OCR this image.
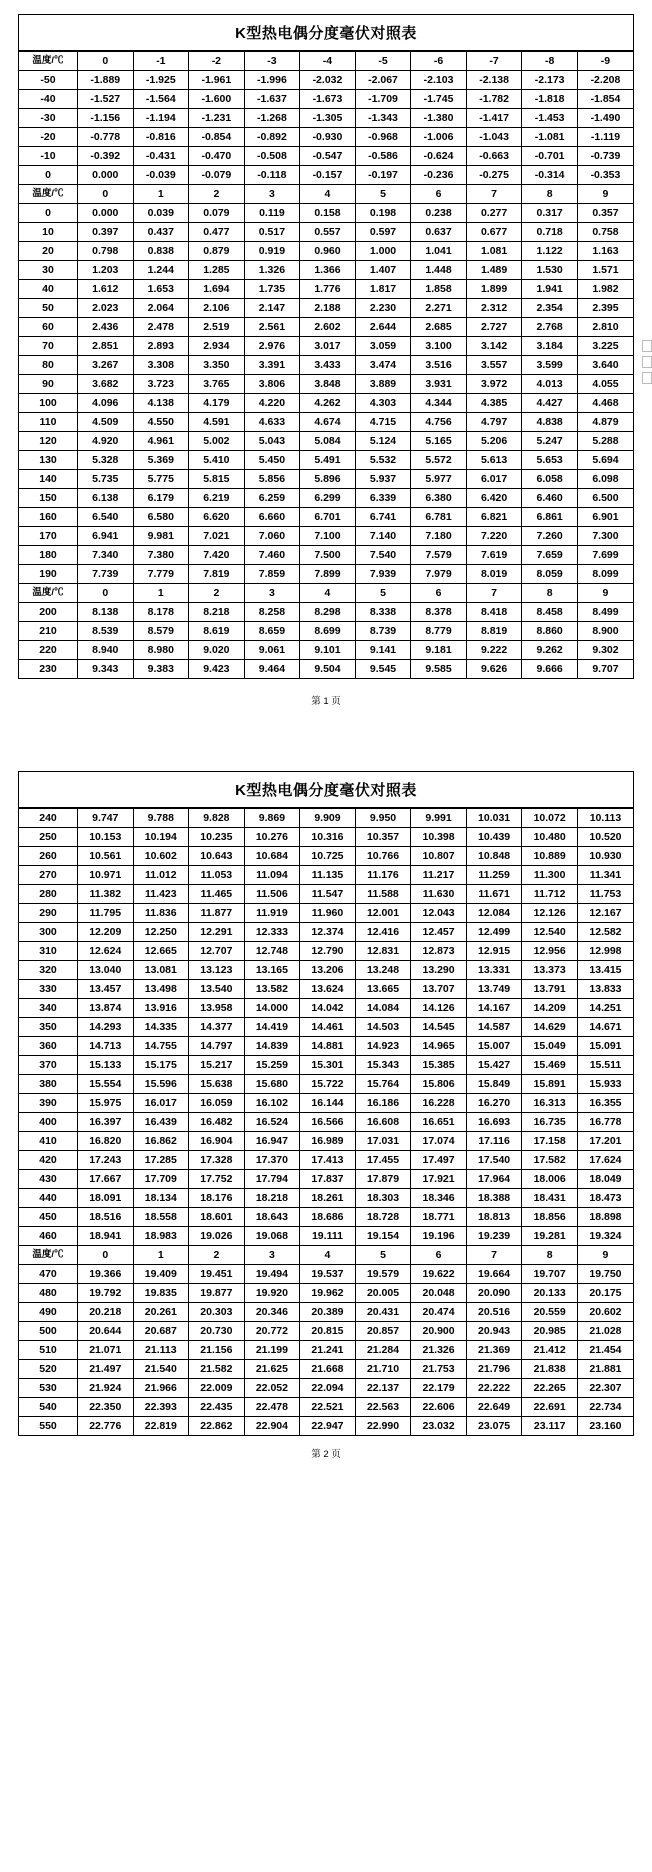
K型热电偶分度毫伏对照表
温度/℃	0	-1	-2	-3	-4	-5	-6	-7	-8	-9
-50	-1.889	-1.925	-1.961	-1.996	-2.032	-2.067	-2.103	-2.138	-2.173	-2.208
-40	-1.527	-1.564	-1.600	-1.637	-1.673	-1.709	-1.745	-1.782	-1.818	-1.854
-30	-1.156	-1.194	-1.231	-1.268	-1.305	-1.343	-1.380	-1.417	-1.453	-1.490
-20	-0.778	-0.816	-0.854	-0.892	-0.930	-0.968	-1.006	-1.043	-1.081	-1.119
-10	-0.392	-0.431	-0.470	-0.508	-0.547	-0.586	-0.624	-0.663	-0.701	-0.739
0	0.000	-0.039	-0.079	-0.118	-0.157	-0.197	-0.236	-0.275	-0.314	-0.353
温度/℃	0	1	2	3	4	5	6	7	8	9
0	0.000	0.039	0.079	0.119	0.158	0.198	0.238	0.277	0.317	0.357
10	0.397	0.437	0.477	0.517	0.557	0.597	0.637	0.677	0.718	0.758
20	0.798	0.838	0.879	0.919	0.960	1.000	1.041	1.081	1.122	1.163
30	1.203	1.244	1.285	1.326	1.366	1.407	1.448	1.489	1.530	1.571
40	1.612	1.653	1.694	1.735	1.776	1.817	1.858	1.899	1.941	1.982
50	2.023	2.064	2.106	2.147	2.188	2.230	2.271	2.312	2.354	2.395
60	2.436	2.478	2.519	2.561	2.602	2.644	2.685	2.727	2.768	2.810
70	2.851	2.893	2.934	2.976	3.017	3.059	3.100	3.142	3.184	3.225
80	3.267	3.308	3.350	3.391	3.433	3.474	3.516	3.557	3.599	3.640
90	3.682	3.723	3.765	3.806	3.848	3.889	3.931	3.972	4.013	4.055
100	4.096	4.138	4.179	4.220	4.262	4.303	4.344	4.385	4.427	4.468
110	4.509	4.550	4.591	4.633	4.674	4.715	4.756	4.797	4.838	4.879
120	4.920	4.961	5.002	5.043	5.084	5.124	5.165	5.206	5.247	5.288
130	5.328	5.369	5.410	5.450	5.491	5.532	5.572	5.613	5.653	5.694
140	5.735	5.775	5.815	5.856	5.896	5.937	5.977	6.017	6.058	6.098
150	6.138	6.179	6.219	6.259	6.299	6.339	6.380	6.420	6.460	6.500
160	6.540	6.580	6.620	6.660	6.701	6.741	6.781	6.821	6.861	6.901
170	6.941	9.981	7.021	7.060	7.100	7.140	7.180	7.220	7.260	7.300
180	7.340	7.380	7.420	7.460	7.500	7.540	7.579	7.619	7.659	7.699
190	7.739	7.779	7.819	7.859	7.899	7.939	7.979	8.019	8.059	8.099
温度/℃	0	1	2	3	4	5	6	7	8	9
200	8.138	8.178	8.218	8.258	8.298	8.338	8.378	8.418	8.458	8.499
210	8.539	8.579	8.619	8.659	8.699	8.739	8.779	8.819	8.860	8.900
220	8.940	8.980	9.020	9.061	9.101	9.141	9.181	9.222	9.262	9.302
230	9.343	9.383	9.423	9.464	9.504	9.545	9.585	9.626	9.666	9.707
第 1 页
K型热电偶分度毫伏对照表
240	9.747	9.788	9.828	9.869	9.909	9.950	9.991	10.031	10.072	10.113
250	10.153	10.194	10.235	10.276	10.316	10.357	10.398	10.439	10.480	10.520
260	10.561	10.602	10.643	10.684	10.725	10.766	10.807	10.848	10.889	10.930
270	10.971	11.012	11.053	11.094	11.135	11.176	11.217	11.259	11.300	11.341
280	11.382	11.423	11.465	11.506	11.547	11.588	11.630	11.671	11.712	11.753
290	11.795	11.836	11.877	11.919	11.960	12.001	12.043	12.084	12.126	12.167
300	12.209	12.250	12.291	12.333	12.374	12.416	12.457	12.499	12.540	12.582
310	12.624	12.665	12.707	12.748	12.790	12.831	12.873	12.915	12.956	12.998
320	13.040	13.081	13.123	13.165	13.206	13.248	13.290	13.331	13.373	13.415
330	13.457	13.498	13.540	13.582	13.624	13.665	13.707	13.749	13.791	13.833
340	13.874	13.916	13.958	14.000	14.042	14.084	14.126	14.167	14.209	14.251
350	14.293	14.335	14.377	14.419	14.461	14.503	14.545	14.587	14.629	14.671
360	14.713	14.755	14.797	14.839	14.881	14.923	14.965	15.007	15.049	15.091
370	15.133	15.175	15.217	15.259	15.301	15.343	15.385	15.427	15.469	15.511
380	15.554	15.596	15.638	15.680	15.722	15.764	15.806	15.849	15.891	15.933
390	15.975	16.017	16.059	16.102	16.144	16.186	16.228	16.270	16.313	16.355
400	16.397	16.439	16.482	16.524	16.566	16.608	16.651	16.693	16.735	16.778
410	16.820	16.862	16.904	16.947	16.989	17.031	17.074	17.116	17.158	17.201
420	17.243	17.285	17.328	17.370	17.413	17.455	17.497	17.540	17.582	17.624
430	17.667	17.709	17.752	17.794	17.837	17.879	17.921	17.964	18.006	18.049
440	18.091	18.134	18.176	18.218	18.261	18.303	18.346	18.388	18.431	18.473
450	18.516	18.558	18.601	18.643	18.686	18.728	18.771	18.813	18.856	18.898
460	18.941	18.983	19.026	19.068	19.111	19.154	19.196	19.239	19.281	19.324
温度/℃	0	1	2	3	4	5	6	7	8	9
470	19.366	19.409	19.451	19.494	19.537	19.579	19.622	19.664	19.707	19.750
480	19.792	19.835	19.877	19.920	19.962	20.005	20.048	20.090	20.133	20.175
490	20.218	20.261	20.303	20.346	20.389	20.431	20.474	20.516	20.559	20.602
500	20.644	20.687	20.730	20.772	20.815	20.857	20.900	20.943	20.985	21.028
510	21.071	21.113	21.156	21.199	21.241	21.284	21.326	21.369	21.412	21.454
520	21.497	21.540	21.582	21.625	21.668	21.710	21.753	21.796	21.838	21.881
530	21.924	21.966	22.009	22.052	22.094	22.137	22.179	22.222	22.265	22.307
540	22.350	22.393	22.435	22.478	22.521	22.563	22.606	22.649	22.691	22.734
550	22.776	22.819	22.862	22.904	22.947	22.990	23.032	23.075	23.117	23.160
第 2 页
